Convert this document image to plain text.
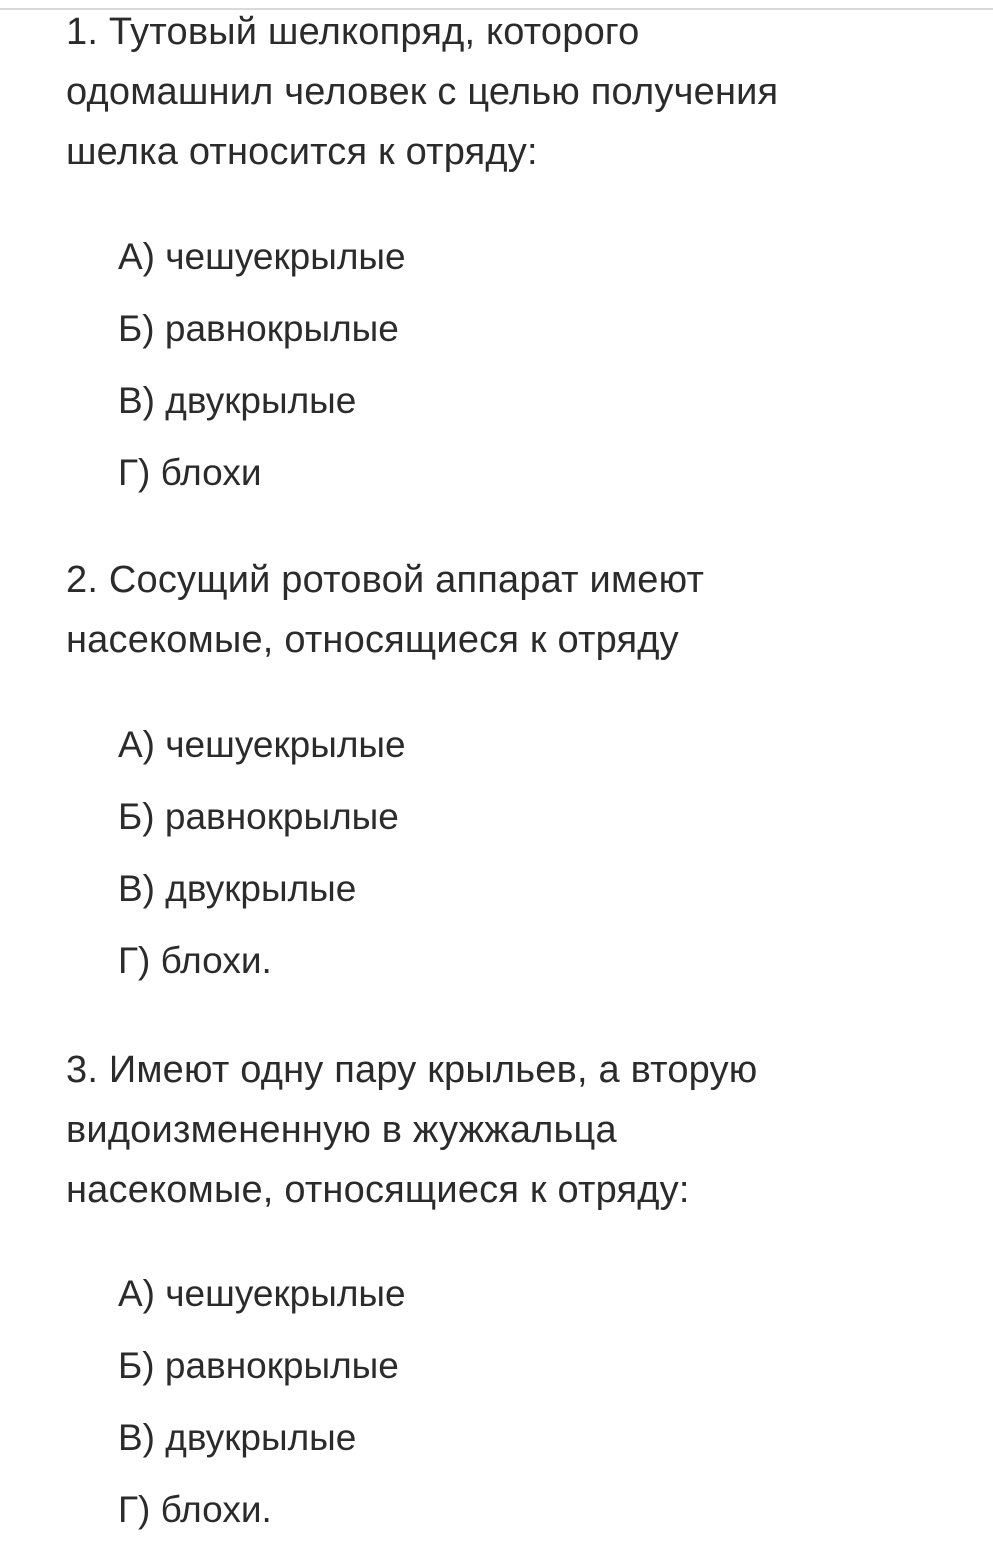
1. Тутовый шелкопряд, которого
одомашнил человек с целью получения
шелка относится к отряду:

А) чешуекрылые
Б) равнокрылые
В) двукрылые
Г) блохи

2. Сосущий ротовой аппарат имеют
насекомые, относящиеся к отряду

А) чешуекрылые
Б) равнокрылые
В) двукрылые
Г) блохи.

3. Имеют одну пару крыльев, а вторую
видоизмененную в жужжальца
насекомые, относящиеся к отряду:

А) чешуекрылые
Б) равнокрылые
В) двукрылые
Г) блохи.
